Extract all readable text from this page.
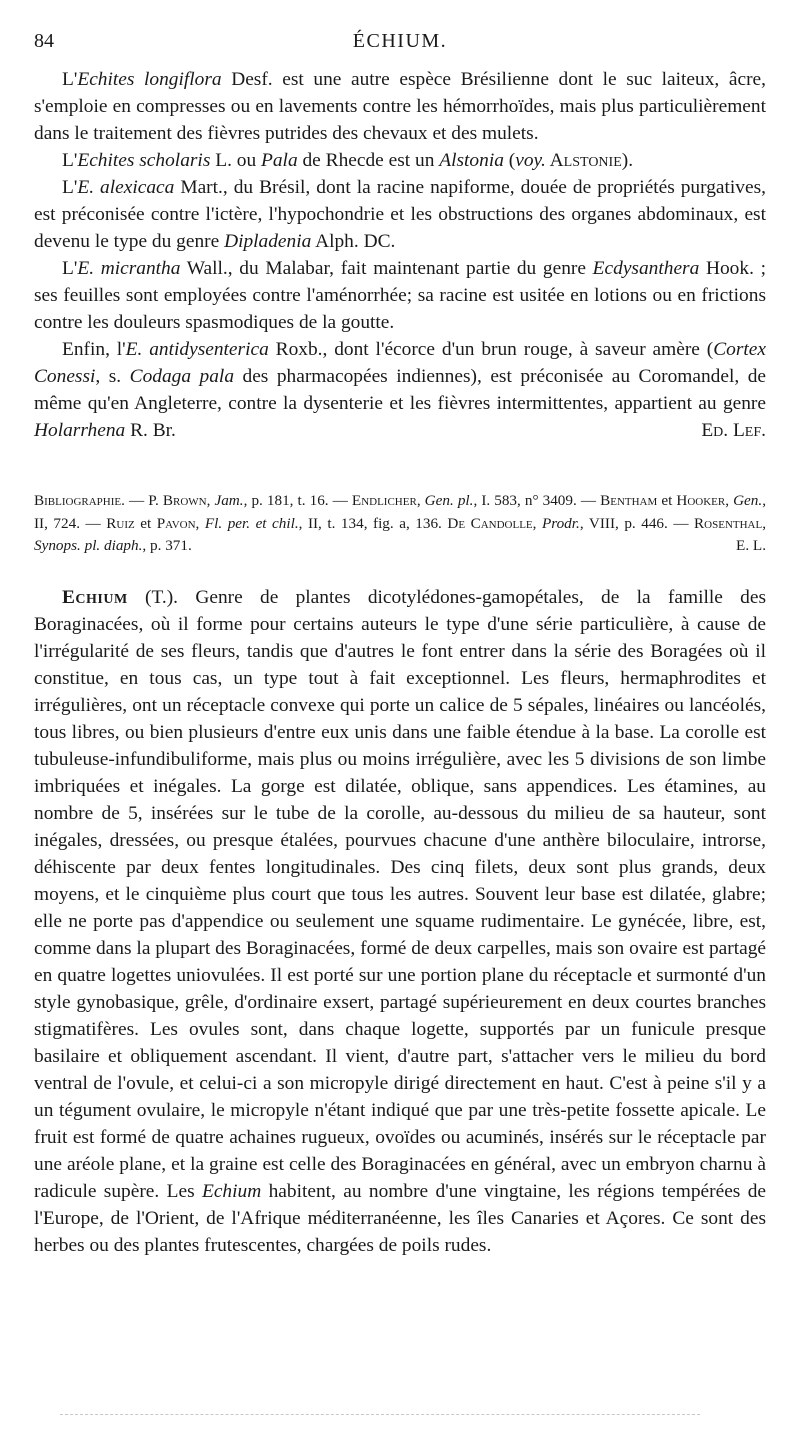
84	ÉCHIUM.

L'Echites longiflora Desf. est une autre espèce Brésilienne dont le suc laiteux, âcre, s'emploie en compresses ou en lavements contre les hémorrhoïdes, mais plus particulièrement dans le traitement des fièvres putrides des chevaux et des mulets.

L'Echites scholaris L. ou Pala de Rhecde est un Alstonia (voy. Alstonie).

L'E. alexicaca Mart., du Brésil, dont la racine napiforme, douée de propriétés purgatives, est préconisée contre l'ictère, l'hypochondrie et les obstructions des organes abdominaux, est devenu le type du genre Dipladenia Alph. DC.

L'E. micrantha Wall., du Malabar, fait maintenant partie du genre Ecdysanthera Hook. ; ses feuilles sont employées contre l'aménorrhée; sa racine est usitée en lotions ou en frictions contre les douleurs spasmodiques de la goutte.

Enfin, l'E. antidysenterica Roxb., dont l'écorce d'un brun rouge, à saveur amère (Cortex Conessi, s. Codaga pala des pharmacopées indiennes), est préconisée au Coromandel, de même qu'en Angleterre, contre la dysenterie et les fièvres intermittentes, appartient au genre Holarrhena R. Br.	Ed. Lef.

Bibliographie. — P. Brown, Jam., p. 181, t. 16. — Endlicher, Gen. pl., I. 583, n° 3409. — Bentham et Hooker, Gen., II, 724. — Ruiz et Pavon, Fl. per. et chil., II, t. 134, fig. a, 136. De Candolle, Prodr., VIII, p. 446. — Rosenthal, Synops. pl. diaph., p. 371.	E. L.

Echium (T.). Genre de plantes dicotylédones-gamopétales, de la famille des Boraginacées, où il forme pour certains auteurs le type d'une série particulière, à cause de l'irrégularité de ses fleurs, tandis que d'autres le font entrer dans la série des Boragées où il constitue, en tous cas, un type tout à fait exceptionnel. Les fleurs, hermaphrodites et irrégulières, ont un réceptacle convexe qui porte un calice de 5 sépales, linéaires ou lancéolés, tous libres, ou bien plusieurs d'entre eux unis dans une faible étendue à la base. La corolle est tubuleuse-infundibuliforme, mais plus ou moins irrégulière, avec les 5 divisions de son limbe imbriquées et inégales. La gorge est dilatée, oblique, sans appendices. Les étamines, au nombre de 5, insérées sur le tube de la corolle, au-dessous du milieu de sa hauteur, sont inégales, dressées, ou presque étalées, pourvues chacune d'une anthère biloculaire, introrse, déhiscente par deux fentes longitudinales. Des cinq filets, deux sont plus grands, deux moyens, et le cinquième plus court que tous les autres. Souvent leur base est dilatée, glabre; elle ne porte pas d'appendice ou seulement une squame rudimentaire. Le gynécée, libre, est, comme dans la plupart des Boraginacées, formé de deux carpelles, mais son ovaire est partagé en quatre logettes uniovulées. Il est porté sur une portion plane du réceptacle et surmonté d'un style gynobasique, grêle, d'ordinaire exsert, partagé supérieurement en deux courtes branches stigmatifères. Les ovules sont, dans chaque logette, supportés par un funicule presque basilaire et obliquement ascendant. Il vient, d'autre part, s'attacher vers le milieu du bord ventral de l'ovule, et celui-ci a son micropyle dirigé directement en haut. C'est à peine s'il y a un tégument ovulaire, le micropyle n'étant indiqué que par une très-petite fossette apicale. Le fruit est formé de quatre achaines rugueux, ovoïdes ou acuminés, insérés sur le réceptacle par une aréole plane, et la graine est celle des Boraginacées en général, avec un embryon charnu à radicule supère. Les Echium habitent, au nombre d'une vingtaine, les régions tempérées de l'Europe, de l'Orient, de l'Afrique méditerranéenne, les îles Canaries et Açores. Ce sont des herbes ou des plantes frutescentes, chargées de poils rudes.
